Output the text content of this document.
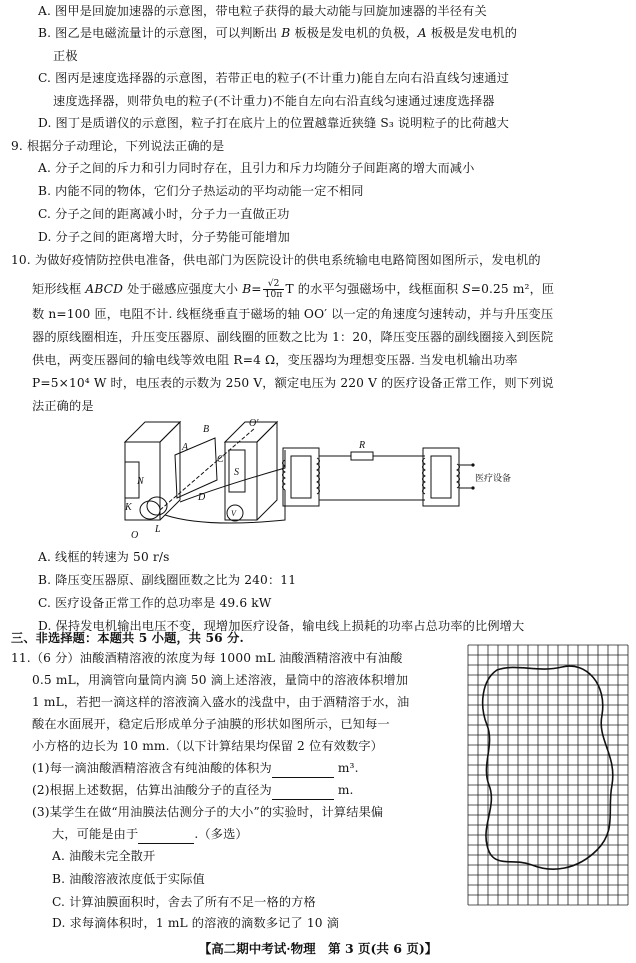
A. 图甲是回旋加速器的示意图，带电粒子获得的最大动能与回旋加速器的半径有关
B. 图乙是电磁流量计的示意图，可以判断出 B 板极是发电机的负极，A 板极是发电机的
正极
C. 图丙是速度选择器的示意图，若带正电的粒子(不计重力)能自左向右沿直线匀速通过
速度选择器，则带负电的粒子(不计重力)不能自左向右沿直线匀速通过速度选择器
D. 图丁是质谱仪的示意图，粒子打在底片上的位置越靠近狭缝 S₃ 说明粒子的比荷越大
9. 根据分子动理论，下列说法正确的是
A. 分子之间的斥力和引力同时存在，且引力和斥力均随分子间距离的增大而减小
B. 内能不同的物体，它们分子热运动的平均动能一定不相同
C. 分子之间的距离减小时，分子力一直做正功
D. 分子之间的距离增大时，分子势能可能增加
10. 为做好疫情防控供电准备，供电部门为医院设计的供电系统输电电路简图如图所示，发电机的
矩形线框 ABCD 处于磁感应强度大小 $B= \frac{√2}{10\pi}$ T 的水平匀强磁场中，线框面积 S=0.25 m²，匝
数 n=100 匝，电阻不计. 线框绕垂直于磁场的轴 OO′ 以一定的角速度匀速转动，并与升压变压
器的原线圈相连，升压变压器原、副线圈的匝数之比为 1：20，降压变压器的副线圈接入到医院
供电，两变压器间的输电线等效电阻 R=4 Ω，变压器均为理想变压器. 当发电机输出功率
P=5×10⁴ W 时，电压表的示数为 250 V，额定电压为 220 V 的医疗设备正常工作，则下列说
法正确的是
N
S
A
B
C
D
K
L
O
O′
R
V
医疗设备
A. 线框的转速为 50 r/s
B. 降压变压器原、副线圈匝数之比为 240：11
C. 医疗设备正常工作的总功率是 49.6 kW
D. 保持发电机输出电压不变，现增加医疗设备，输电线上损耗的功率占总功率的比例增大
三、非选择题：本题共 5 小题，共 56 分.
11.（6 分）油酸酒精溶液的浓度为每 1000 mL 油酸酒精溶液中有油酸
0.5 mL，用滴管向量筒内滴 50 滴上述溶液，量筒中的溶液体积增加
1 mL，若把一滴这样的溶液滴入盛水的浅盘中，由于酒精溶于水，油
酸在水面展开，稳定后形成单分子油膜的形状如图所示，已知每一
小方格的边长为 10 mm.（以下计算结果均保留 2 位有效数字）
(1)每一滴油酸酒精溶液含有纯油酸的体积为	m³.
(2)根据上述数据，估算出油酸分子的直径为	m.
(3)某学生在做“用油膜法估测分子的大小”的实验时，计算结果偏
大，可能是由于	.（多选）
A. 油酸未完全散开
B. 油酸溶液浓度低于实际值
C. 计算油膜面积时，舍去了所有不足一格的方格
【高二期中考试·物理　第 3 页(共 6 页)】
D. 求每滴体积时，1 mL 的溶液的滴数多记了 10 滴
